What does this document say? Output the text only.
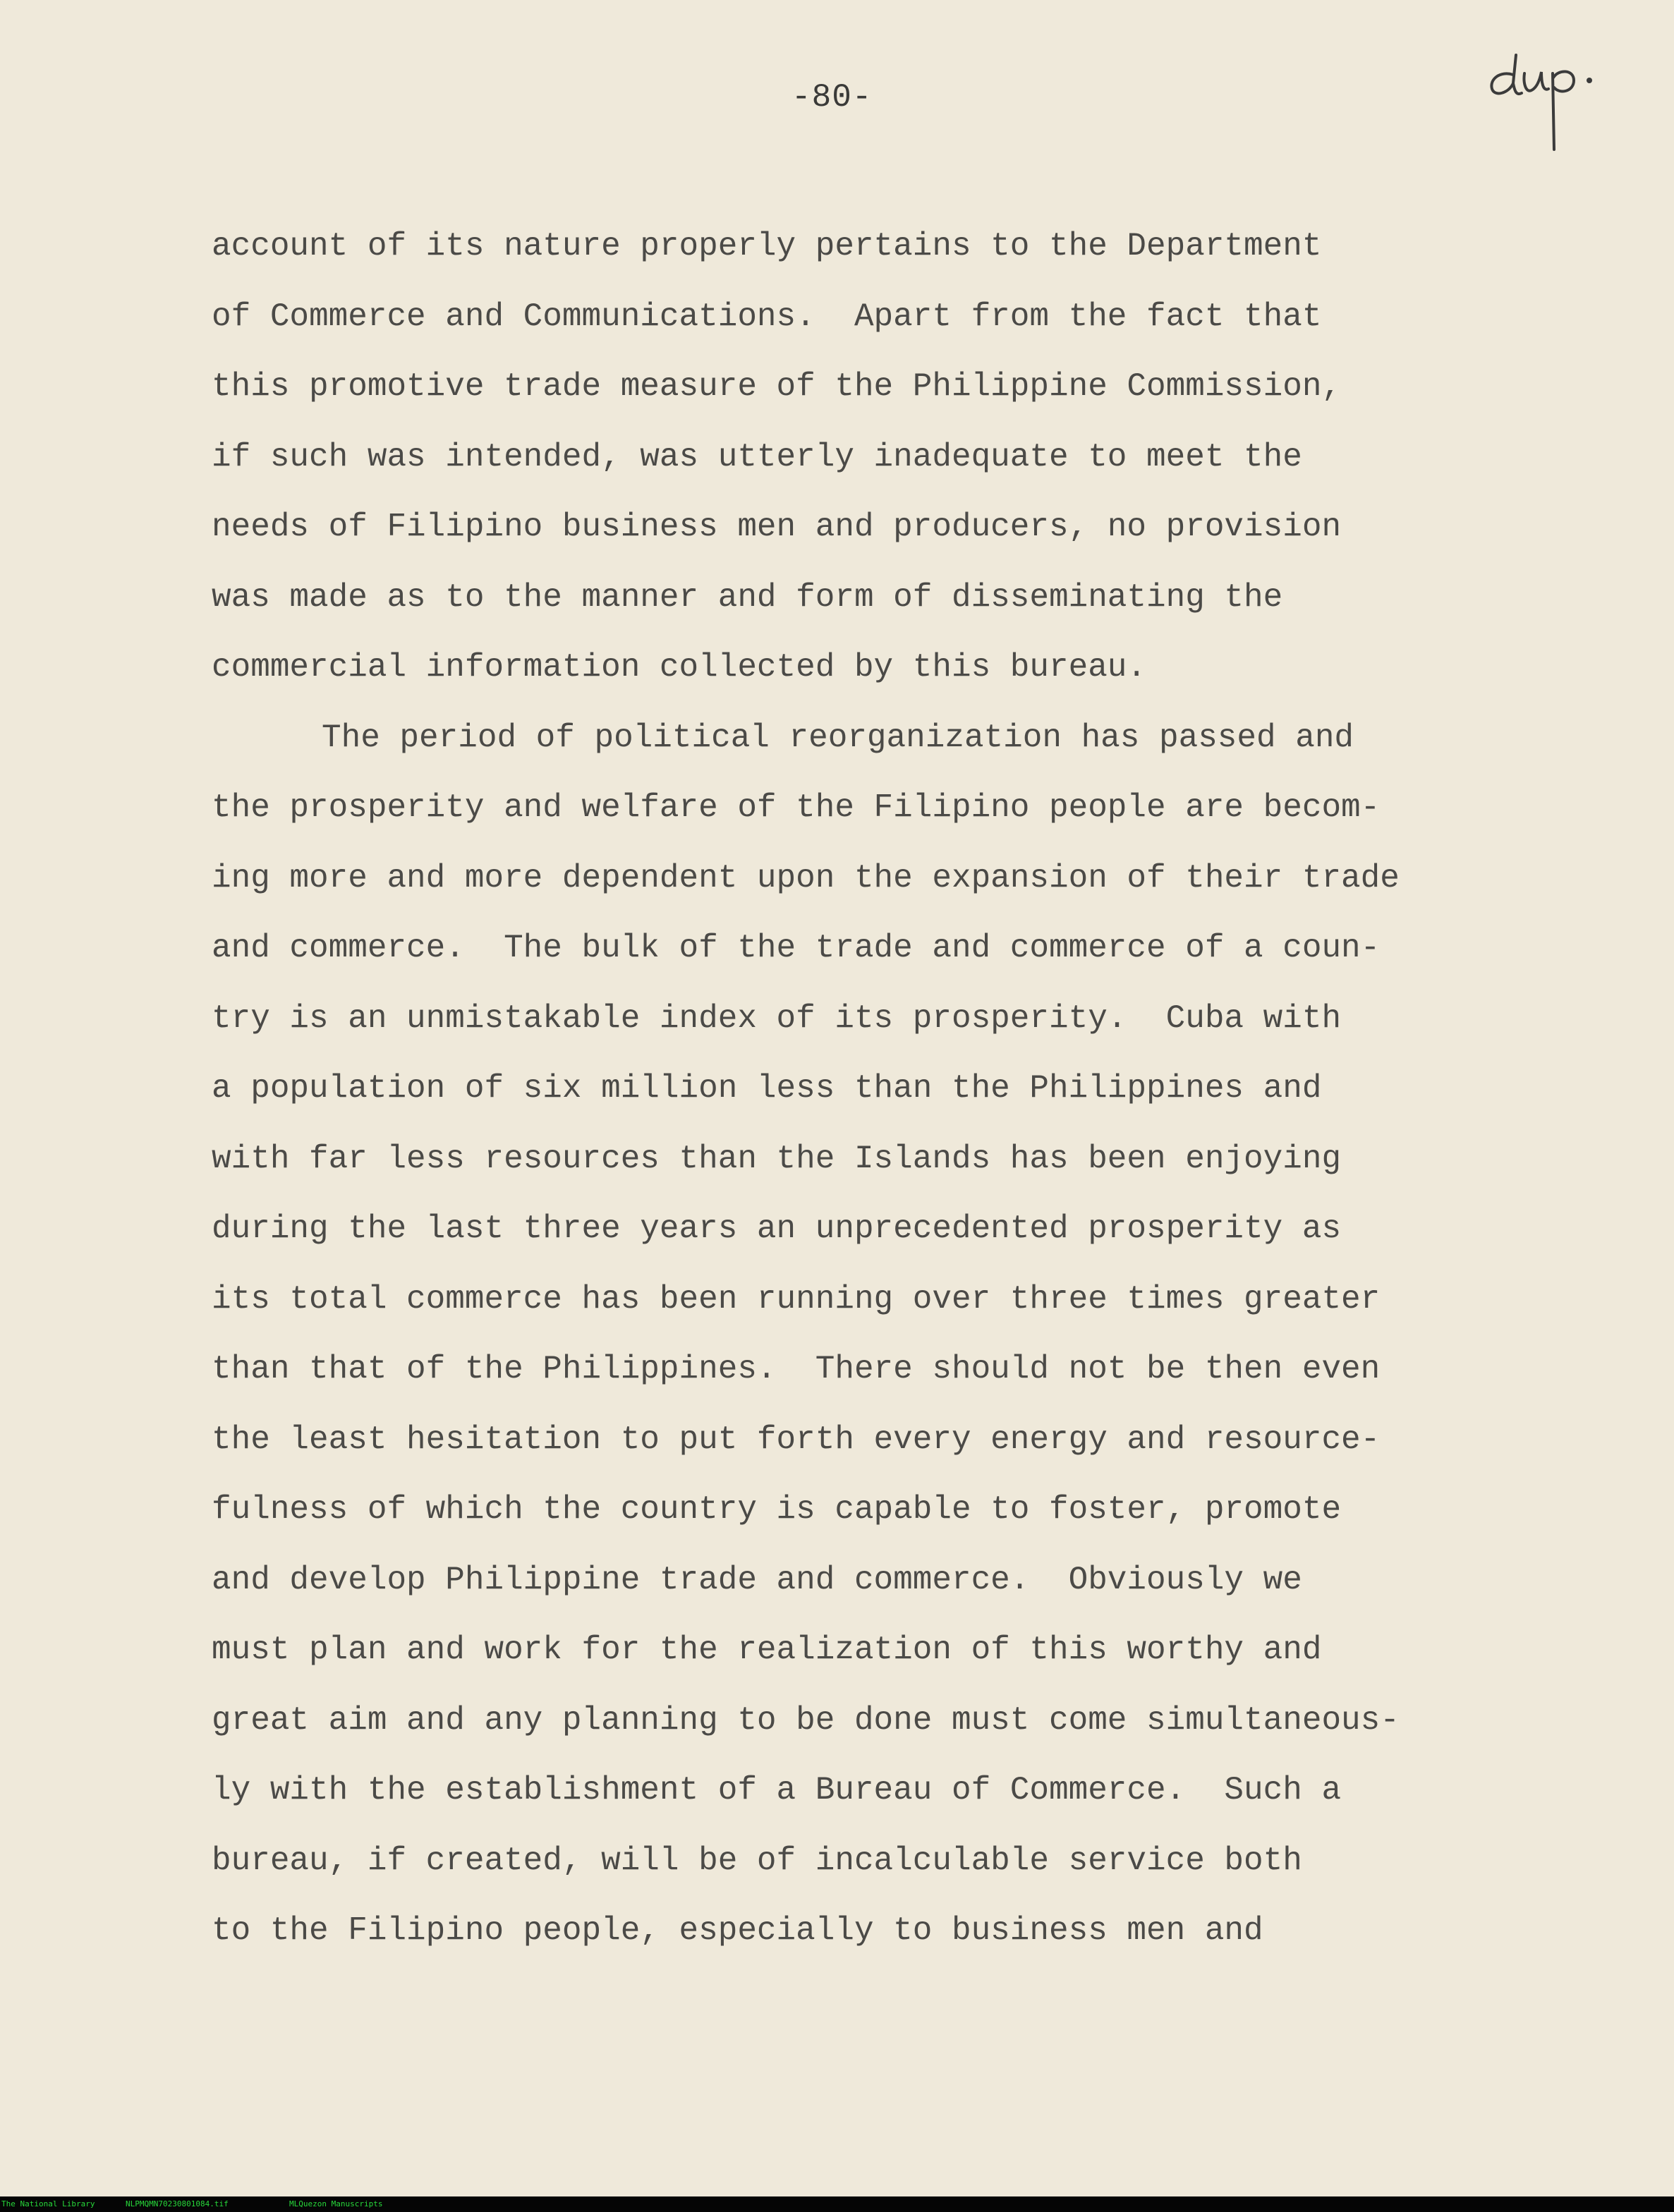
-80-
account of its nature properly pertains to the Department
of Commerce and Communications.  Apart from the fact that
this promotive trade measure of the Philippine Commission,
if such was intended, was utterly inadequate to meet the
needs of Filipino business men and producers, no provision
was made as to the manner and form of disseminating the
commercial information collected by this bureau.
The period of political reorganization has passed and
the prosperity and welfare of the Filipino people are becom-
ing more and more dependent upon the expansion of their trade
and commerce.  The bulk of the trade and commerce of a coun-
try is an unmistakable index of its prosperity.  Cuba with
a population of six million less than the Philippines and
with far less resources than the Islands has been enjoying
during the last three years an unprecedented prosperity as
its total commerce has been running over three times greater
than that of the Philippines.  There should not be then even
the least hesitation to put forth every energy and resource-
fulness of which the country is capable to foster, promote
and develop Philippine trade and commerce.  Obviously we
must plan and work for the realization of this worthy and
great aim and any planning to be done must come simultaneous-
ly with the establishment of a Bureau of Commerce.  Such a
bureau, if created, will be of incalculable service both
to the Filipino people, especially to business men and
The National Library	NLPMQMN70230801084.tif	MLQuezon Manuscripts
